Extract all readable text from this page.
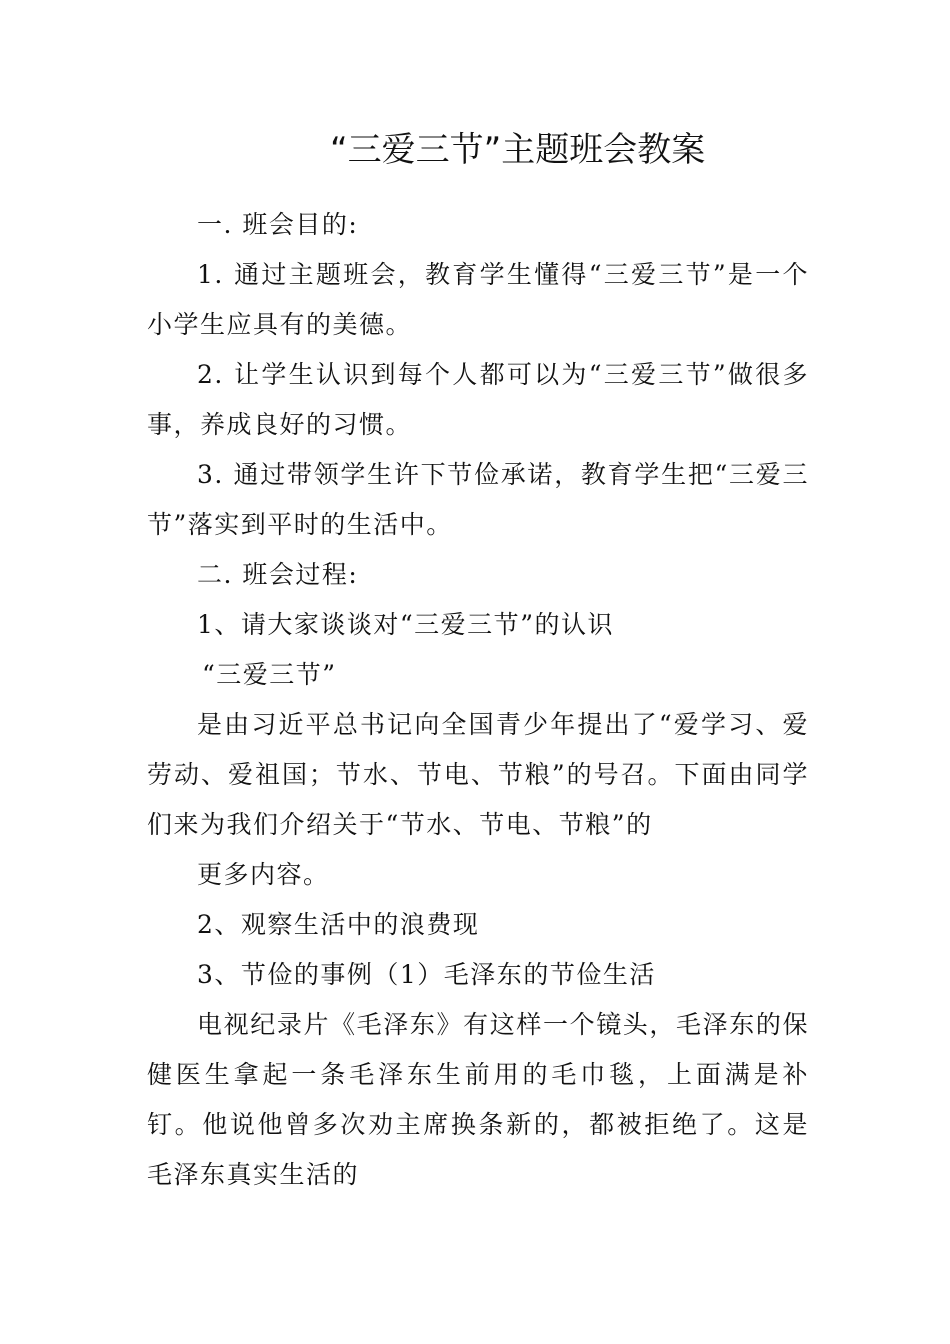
“三爱三节”主题班会教案

一. 班会目的:

1. 通过主题班会，教育学生懂得“三爱三节”是一个小学生应具有的美德。

2. 让学生认识到每个人都可以为“三爱三节”做很多事，养成良好的习惯。

3. 通过带领学生许下节俭承诺，教育学生把“三爱三节”落实到平时的生活中。

二. 班会过程:

1、请大家谈谈对“三爱三节”的认识

“三爱三节”

是由习近平总书记向全国青少年提出了“爱学习、爱劳动、爱祖国；节水、节电、节粮”的号召。下面由同学们来为我们介绍关于“节水、节电、节粮”的

更多内容。

2、观察生活中的浪费现

3、节俭的事例（1）毛泽东的节俭生活

电视纪录片《毛泽东》有这样一个镜头，毛泽东的保健医生拿起一条毛泽东生前用的毛巾毯，上面满是补钉。他说他曾多次劝主席换条新的，都被拒绝了。这是毛泽东真实生活的
